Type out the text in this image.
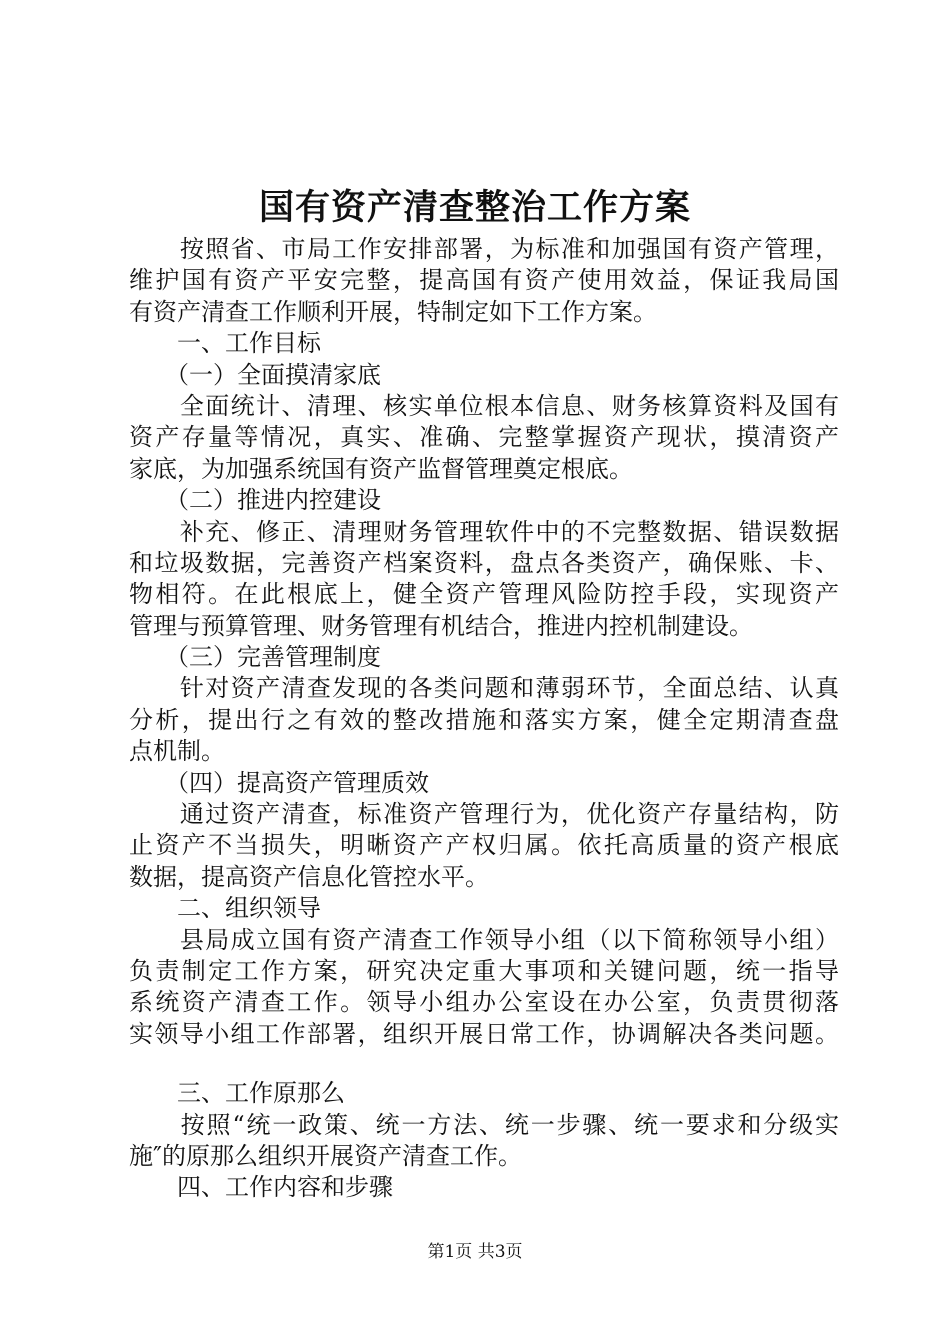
国有资产清查整治工作方案
　　按照省、市局工作安排部署，为标准和加强国有资产管理，
维护国有资产平安完整，提高国有资产使用效益，保证我局国
有资产清查工作顺利开展，特制定如下工作方案。
　　一、工作目标
　　（一）全面摸清家底
　　全面统计、清理、核实单位根本信息、财务核算资料及国有
资产存量等情况，真实、准确、完整掌握资产现状，摸清资产
家底，为加强系统国有资产监督管理奠定根底。
　　（二）推进内控建设
　　补充、修正、清理财务管理软件中的不完整数据、错误数据
和垃圾数据，完善资产档案资料，盘点各类资产，确保账、卡、
物相符。在此根底上，健全资产管理风险防控手段，实现资产
管理与预算管理、财务管理有机结合，推进内控机制建设。
　　（三）完善管理制度
　　针对资产清查发现的各类问题和薄弱环节，全面总结、认真
分析，提出行之有效的整改措施和落实方案，健全定期清查盘
点机制。
　　（四）提高资产管理质效
　　通过资产清查，标准资产管理行为，优化资产存量结构，防
止资产不当损失，明晰资产产权归属。依托高质量的资产根底
数据，提高资产信息化管控水平。
　　二、组织领导
　　县局成立国有资产清查工作领导小组（以下简称领导小组）
负责制定工作方案，研究决定重大事项和关键问题，统一指导
系统资产清查工作。领导小组办公室设在办公室，负责贯彻落
实领导小组工作部署，组织开展日常工作，协调解决各类问题。
　　三、工作原那么
　　按照“统一政策、统一方法、统一步骤、统一要求和分级实
施″的原那么组织开展资产清查工作。
　　四、工作内容和步骤
第1页 共3页
